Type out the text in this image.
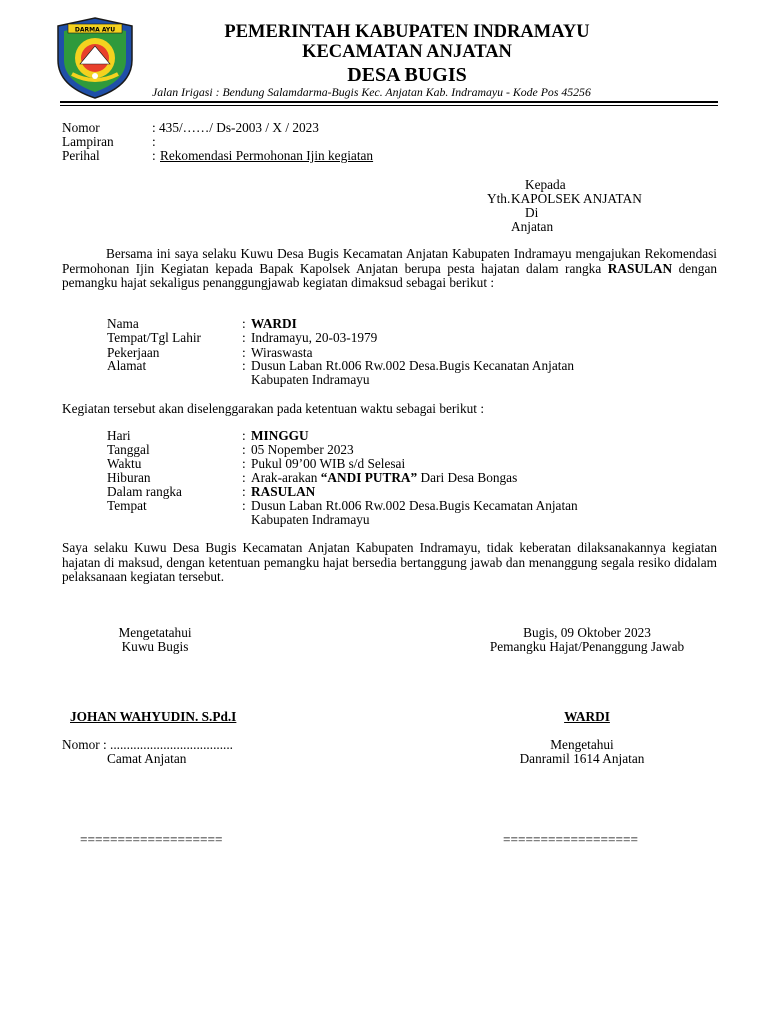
DARMA AYU	PEMERINTAH KABUPATEN INDRAMAYU
KECAMATAN ANJATAN
DESA BUGIS
Jalan Irigasi : Bendung Salamdarma-Bugis Kec. Anjatan Kab. Indramayu - Kode Pos 45256
Nomor	: 435/……/ Ds-2003 / X / 2023
Lampiran	:
Perihal	: Rekomendasi Permohonan Ijin kegiatan
Kepada
Yth. KAPOLSEK ANJATAN
Di
Anjatan
Bersama ini saya selaku Kuwu Desa Bugis Kecamatan Anjatan Kabupaten Indramayu mengajukan Rekomendasi Permohonan Ijin Kegiatan kepada Bapak Kapolsek Anjatan berupa pesta hajatan dalam rangka RASULAN dengan pemangku hajat sekaligus penanggungjawab kegiatan dimaksud sebagai berikut :
Nama	: WARDI
Tempat/Tgl Lahir	: Indramayu, 20-03-1979
Pekerjaan	: Wiraswasta
Alamat	: Dusun Laban Rt.006 Rw.002 Desa.Bugis Kecanatan Anjatan
Kabupaten Indramayu
Kegiatan tersebut akan diselenggarakan pada ketentuan waktu sebagai berikut :
Hari	: MINGGU
Tanggal	: 05 Nopember 2023
Waktu	: Pukul 09’00 WIB s/d Selesai
Hiburan	: Arak-arakan “ANDI PUTRA” Dari Desa Bongas
Dalam rangka	: RASULAN
Tempat	: Dusun Laban Rt.006 Rw.002 Desa.Bugis Kecamatan Anjatan
Kabupaten Indramayu
Saya selaku Kuwu Desa Bugis Kecamatan Anjatan Kabupaten Indramayu, tidak keberatan dilaksanakannya kegiatan hajatan di maksud, dengan ketentuan pemangku hajat bersedia bertanggung jawab dan menanggung segala resiko didalam pelaksanaan kegiatan tersebut.
Mengetatahui
Kuwu Bugis
Bugis, 09 Oktober 2023
Pemangku Hajat/Penanggung Jawab
JOHAN WAHYUDIN. S.Pd.I	WARDI
Nomor : .....................................
Camat Anjatan
Mengetahui
Danramil 1614 Anjatan
===================	==================
